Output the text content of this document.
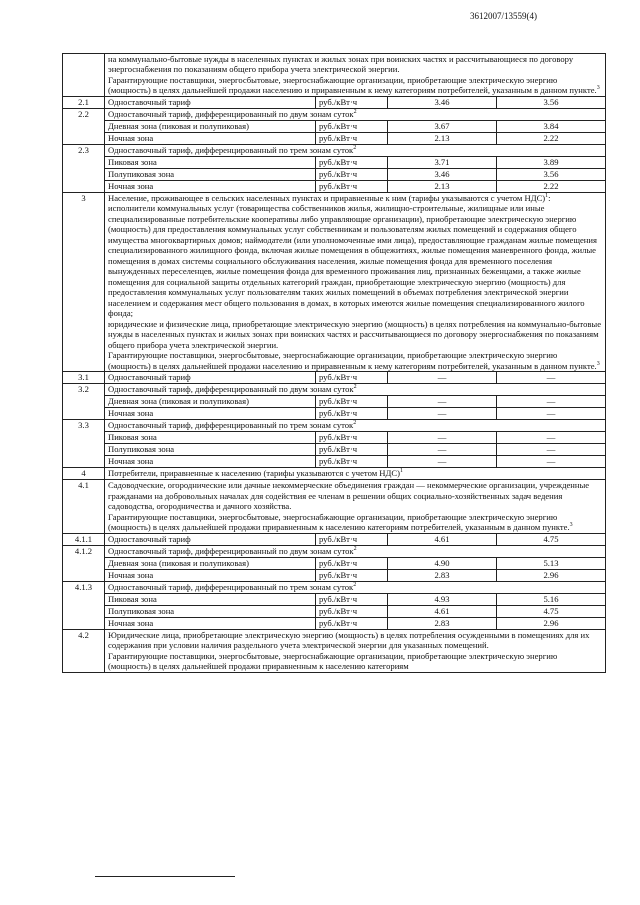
3612007/13559(4)

	на коммунально-бытовые нужды в населенных пунктах и жилых зонах при воинских частях и рассчитывающиеся по договору энергоснабжения по показаниям общего прибора учета электрической энергии.
Гарантирующие поставщики, энергосбытовые, энергоснабжающие организации, приобретающие электрическую энергию (мощность) в целях дальнейшей продажи населению и приравненным к нему категориям потребителей, указанным в данном пункте.$^3$

2.1	Одноставочный тариф	руб./кВт·ч	3.46	3.56
2.2	Одноставочный тариф, дифференцированный по двум зонам суток$^2$
	Дневная зона (пиковая и полупиковая)	руб./кВт·ч	3.67	3.84
	Ночная зона	руб./кВт·ч	2.13	2.22
2.3	Одноставочный тариф, дифференцированный по трем зонам суток$^2$
	Пиковая зона	руб./кВт·ч	3.71	3.89
	Полупиковая зона	руб./кВт·ч	3.46	3.56
	Ночная зона	руб./кВт·ч	2.13	2.22
3	Население, проживающее в сельских населенных пунктах и приравненные к ним (тарифы указываются с учетом НДС)$^1$:
исполнители коммунальных услуг (товарищества собственников жилья, жилищно-строительные, жилищные или иные специализированные потребительские кооперативы либо управляющие организации), приобретающие электрическую энергию (мощность) для предоставления коммунальных услуг собственникам и пользователям жилых помещений и содержания общего имущества многоквартирных домов; наймодатели (или уполномоченные ими лица), предоставляющие гражданам жилые помещения специализированного жилищного фонда, включая жилые помещения в общежитиях, жилые помещения маневренного фонда, жилые помещения в домах системы социального обслуживания населения, жилые помещения фонда для временного поселения вынужденных переселенцев, жилые помещения фонда для временного проживания лиц, признанных беженцами, а также жилые помещения для социальной защиты отдельных категорий граждан, приобретающие электрическую энергию (мощность) для предоставления коммунальных услуг пользователям таких жилых помещений в объемах потребления электрической энергии населением и содержания мест общего пользования в домах, в которых имеются жилые помещения специализированного жилого фонда;
юридические и физические лица, приобретающие электрическую энергию (мощность) в целях потребления на коммунально-бытовые нужды в населенных пунктах и жилых зонах при воинских частях и рассчитывающиеся по договору энергоснабжения по показаниям общего прибора учета электрической энергии.
Гарантирующие поставщики, энергосбытовые, энергоснабжающие организации, приобретающие электрическую энергию (мощность) в целях дальнейшей продажи населению и приравненным к нему категориям потребителей, указанным в данном пункте.$^3$

3.1	Одноставочный тариф	руб./кВт·ч	—	—
3.2	Одноставочный тариф, дифференцированный по двум зонам суток$^2$
	Дневная зона (пиковая и полупиковая)	руб./кВт·ч	—	—
	Ночная зона	руб./кВт·ч	—	—
3.3	Одноставочный тариф, дифференцированный по трем зонам суток$^2$
	Пиковая зона	руб./кВт·ч	—	—
	Полупиковая зона	руб./кВт·ч	—	—
	Ночная зона	руб./кВт·ч	—	—
4	Потребители, приравненные к населению (тарифы указываются с учетом НДС)$^1$
4.1	Садоводческие, огороднические или дачные некоммерческие объединения граждан — некоммерческие организации, учрежденные гражданами на добровольных началах для содействия ее членам в решении общих социально-хозяйственных задач ведения садоводства, огородничества и дачного хозяйства.
Гарантирующие поставщики, энергосбытовые, энергоснабжающие организации, приобретающие электрическую энергию (мощность) в целях дальнейшей продажи приравненным к населению категориям потребителей, указанным в данном пункте.$^3$

4.1.1	Одноставочный тариф	руб./кВт·ч	4.61	4.75
4.1.2	Одноставочный тариф, дифференцированный по двум зонам суток$^2$
	Дневная зона (пиковая и полупиковая)	руб./кВт·ч	4.90	5.13
	Ночная зона	руб./кВт·ч	2.83	2.96
4.1.3	Одноставочный тариф, дифференцированный по трем зонам суток$^2$
	Пиковая зона	руб./кВт·ч	4.93	5.16
	Полупиковая зона	руб./кВт·ч	4.61	4.75
	Ночная зона	руб./кВт·ч	2.83	2.96
4.2	Юридические лица, приобретающие электрическую энергию (мощность) в целях потребления осужденными в помещениях для их содержания при условии наличия раздельного учета электрической энергии для указанных помещений.
Гарантирующие поставщики, энергосбытовые, энергоснабжающие организации, приобретающие электрическую энергию (мощность) в целях дальнейшей продажи приравненным к населению категориям			
